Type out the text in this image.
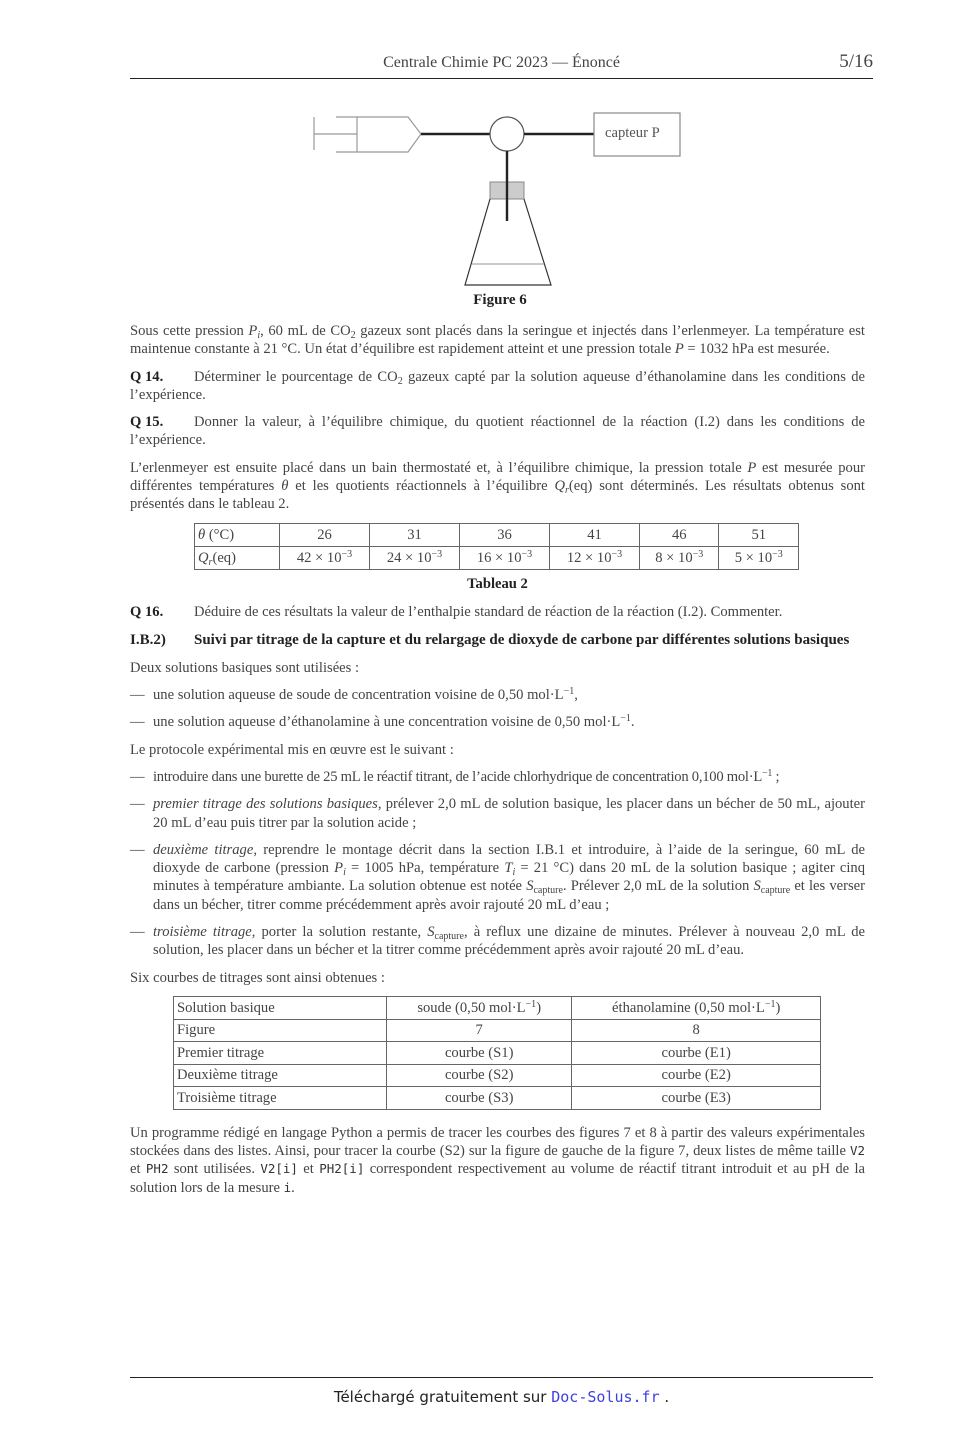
Centrale Chimie PC 2023 — Énoncé	5/16
capteur P
Figure 6

Sous cette pression $P_i$, 60 mL de $CO_2$ gazeux sont placés dans la seringue et injectés dans l’erlenmeyer. La température est maintenue constante à 21 °C. Un état d’équilibre est rapidement atteint et une pression totale P = 1032 hPa est mesurée.

Q 14. Déterminer le pourcentage de $CO_2$ gazeux capté par la solution aqueuse d’éthanolamine dans les conditions de l’expérience.

Q 15. Donner la valeur, à l’équilibre chimique, du quotient réactionnel de la réaction (I.2) dans les conditions de l’expérience.

L’erlenmeyer est ensuite placé dans un bain thermostaté et, à l’équilibre chimique, la pression totale P est mesurée pour différentes températures θ et les quotients réactionnels à l’équilibre $Q_r(eq)$ sont déterminés. Les résultats obtenus sont présentés dans le tableau 2.

θ (°C)	26	31	36	41	46	51
$Q_r(eq)$	$42 \times 10^{-3}$	$24 \times 10^{-3}$	$16 \times 10^{-3}$	$12 \times 10^{-3}$	$8 \times 10^{-3}$	$5 \times 10^{-3}$
Tableau 2

Q 16. Déduire de ces résultats la valeur de l’enthalpie standard de réaction de la réaction (I.2). Commenter.

I.B.2)	Suivi par titrage de la capture et du relargage de dioxyde de carbone par différentes solutions basiques

Deux solutions basiques sont utilisées :

— une solution aqueuse de soude de concentration voisine de 0,50 $mol\cdot L^{-1}$,
— une solution aqueuse d’éthanolamine à une concentration voisine de 0,50 $mol\cdot L^{-1}$.

Le protocole expérimental mis en œuvre est le suivant :

— introduire dans une burette de 25 mL le réactif titrant, de l’acide chlorhydrique de concentration 0,100 $mol\cdot L^{-1}$ ;
— premier titrage des solutions basiques, prélever 2,0 mL de solution basique, les placer dans un bécher de 50 mL, ajouter 20 mL d’eau puis titrer par la solution acide ;
— deuxième titrage, reprendre le montage décrit dans la section I.B.1 et introduire, à l’aide de la seringue, 60 mL de dioxyde de carbone (pression $P_i = 1005$ hPa, température $T_i = 21$ °C) dans 20 mL de la solution basique ; agiter cinq minutes à température ambiante. La solution obtenue est notée $S_{capture}$. Prélever 2,0 mL de la solution $S_{capture}$ et les verser dans un bécher, titrer comme précédemment après avoir rajouté 20 mL d’eau ;
— troisième titrage, porter la solution restante, $S_{capture}$, à reflux une dizaine de minutes. Prélever à nouveau 2,0 mL de solution, les placer dans un bécher et la titrer comme précédemment après avoir rajouté 20 mL d’eau.

Six courbes de titrages sont ainsi obtenues :

Solution basique	soude (0,50 $mol\cdot L^{-1}$)	éthanolamine (0,50 $mol\cdot L^{-1}$)
Figure	7	8
Premier titrage	courbe (S1)	courbe (E1)
Deuxième titrage	courbe (S2)	courbe (E2)
Troisième titrage	courbe (S3)	courbe (E3)

Un programme rédigé en langage Python a permis de tracer les courbes des figures 7 et 8 à partir des valeurs expérimentales stockées dans des listes. Ainsi, pour tracer la courbe (S2) sur la figure de gauche de la figure 7, deux listes de même taille V2 et PH2 sont utilisées. V2[i] et PH2[i] correspondent respectivement au volume de réactif titrant introduit et au pH de la solution lors de la mesure i.

Téléchargé gratuitement sur Doc-Solus.fr .
